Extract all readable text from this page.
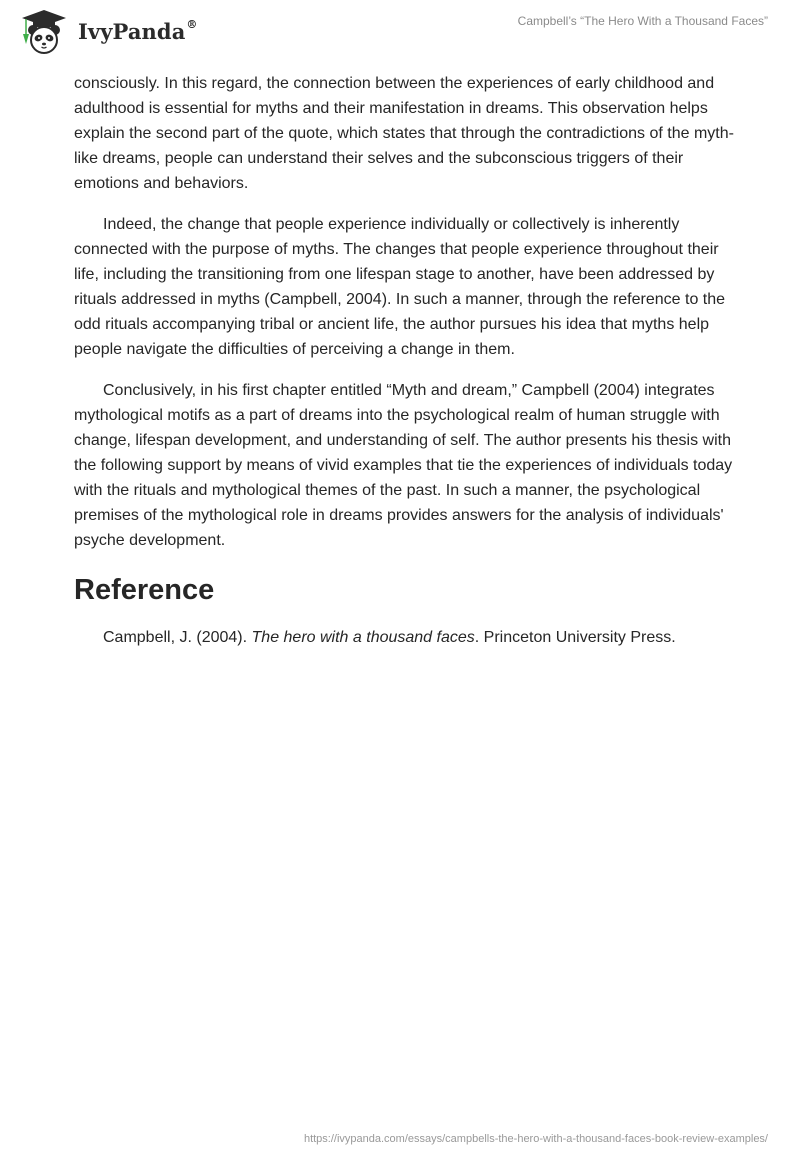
IvyPanda®	Campbell’s “The Hero With a Thousand Faces”

consciously. In this regard, the connection between the experiences of early childhood and adulthood is essential for myths and their manifestation in dreams. This observation helps explain the second part of the quote, which states that through the contradictions of the myth-like dreams, people can understand their selves and the subconscious triggers of their emotions and behaviors.

Indeed, the change that people experience individually or collectively is inherently connected with the purpose of myths. The changes that people experience throughout their life, including the transitioning from one lifespan stage to another, have been addressed by rituals addressed in myths (Campbell, 2004). In such a manner, through the reference to the odd rituals accompanying tribal or ancient life, the author pursues his idea that myths help people navigate the difficulties of perceiving a change in them.

Conclusively, in his first chapter entitled “Myth and dream,” Campbell (2004) integrates mythological motifs as a part of dreams into the psychological realm of human struggle with change, lifespan development, and understanding of self. The author presents his thesis with the following support by means of vivid examples that tie the experiences of individuals today with the rituals and mythological themes of the past. In such a manner, the psychological premises of the mythological role in dreams provides answers for the analysis of individuals' psyche development.

Reference

Campbell, J. (2004). The hero with a thousand faces. Princeton University Press.

https://ivypanda.com/essays/campbells-the-hero-with-a-thousand-faces-book-review-examples/
